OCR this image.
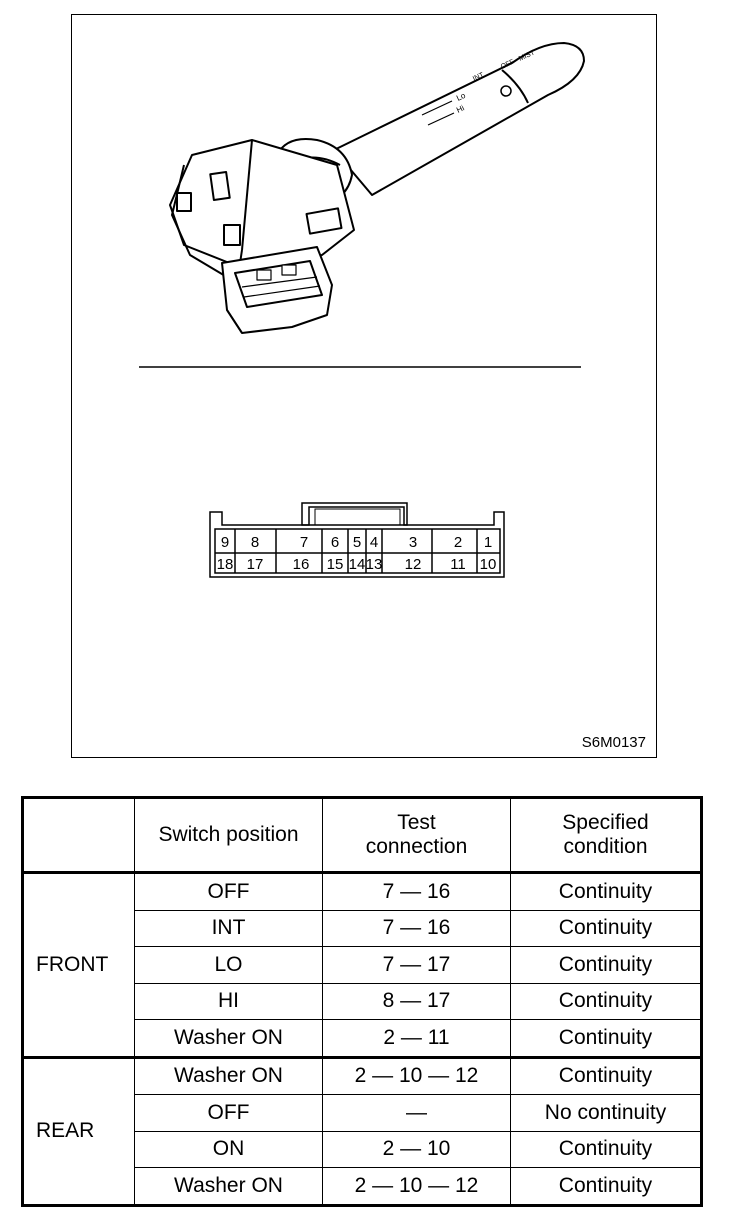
Lo
Hi
INT
OFF
MIST
9 8	7 6 5 4 3 2 1
18 17 16 15 14 13 12 11 10
S6M0137
	Switch position	Test connection	Specified condition
FRONT	OFF	7 — 16	Continuity
	INT	7 — 16	Continuity
	LO	7 — 17	Continuity
	HI	8 — 17	Continuity
	Washer ON	2 — 11	Continuity
REAR	Washer ON	2 — 10 — 12	Continuity
	OFF	—	No continuity
	ON	2 — 10	Continuity
	Washer ON	2 — 10 — 12	Continuity
